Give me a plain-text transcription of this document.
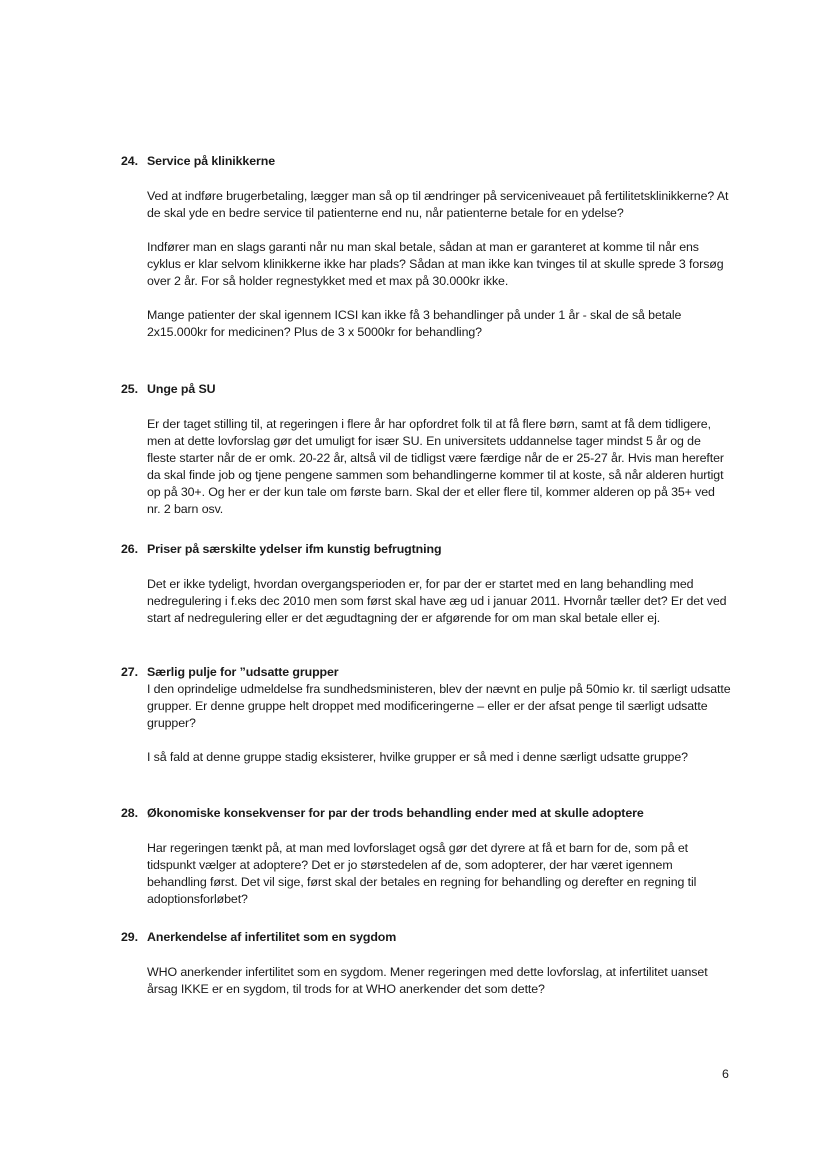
24. Service på klinikkerne
Ved at indføre brugerbetaling, lægger man så op til ændringer på serviceniveauet på fertilitetsklinikkerne? At de skal yde en bedre service til patienterne end nu, når patienterne betale for en ydelse?
Indfører man en slags garanti når nu man skal betale, sådan at man er garanteret at komme til når ens cyklus er klar selvom klinikkerne ikke har plads? Sådan at man ikke kan tvinges til at skulle sprede 3 forsøg over 2 år. For så holder regnestykket med et max på 30.000kr ikke.
Mange patienter der skal igennem ICSI kan ikke få 3 behandlinger på under 1 år - skal de så betale 2x15.000kr for medicinen? Plus de 3 x 5000kr for behandling?
25. Unge på SU
Er der taget stilling til, at regeringen i flere år har opfordret folk til at få flere børn, samt at få dem tidligere, men at dette lovforslag gør det umuligt for især SU. En universitets uddannelse tager mindst 5 år og de fleste starter når de er omk. 20-22 år, altså vil de tidligst være færdige når de er 25-27 år. Hvis man herefter da skal finde job og tjene pengene sammen som behandlingerne kommer til at koste, så når alderen hurtigt op på 30+. Og her er der kun tale om første barn. Skal der et eller flere til, kommer alderen op på 35+ ved nr. 2 barn osv.
26. Priser på særskilte ydelser ifm kunstig befrugtning
Det er ikke tydeligt, hvordan overgangsperioden er, for par der er startet med en lang behandling med nedregulering i f.eks dec 2010 men som først skal have æg ud i januar 2011. Hvornår tæller det? Er det ved start af nedregulering eller er det ægudtagning der er afgørende for om man skal betale eller ej.
27. Særlig pulje for ”udsatte grupper
I den oprindelige udmeldelse fra sundhedsministeren, blev der nævnt en pulje på 50mio kr. til særligt udsatte grupper. Er denne gruppe helt droppet med modificeringerne – eller er der afsat penge til særligt udsatte grupper?
I så fald at denne gruppe stadig eksisterer, hvilke grupper er så med i denne særligt udsatte gruppe?
28. Økonomiske konsekvenser for par der trods behandling ender med at skulle adoptere
Har regeringen tænkt på, at man med lovforslaget også gør det dyrere at få et barn for de, som på et tidspunkt vælger at adoptere? Det er jo størstedelen af de, som adopterer, der har været igennem behandling først. Det vil sige, først skal der betales en regning for behandling og derefter en regning til adoptionsforløbet?
29. Anerkendelse af infertilitet som en sygdom
WHO anerkender infertilitet som en sygdom. Mener regeringen med dette lovforslag, at infertilitet uanset årsag IKKE er en sygdom, til trods for at WHO anerkender det som dette?
6
